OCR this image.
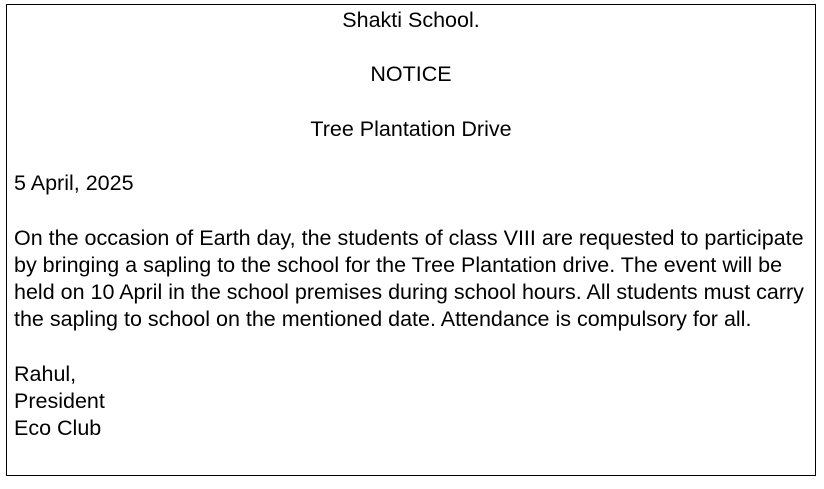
Shakti School.

NOTICE

Tree Plantation Drive

5 April, 2025

On the occasion of Earth day, the students of class VIII are requested to participate by bringing a sapling to the school for the Tree Plantation drive. The event will be held on 10 April in the school premises during school hours. All students must carry the sapling to school on the mentioned date. Attendance is compulsory for all.

Rahul,

President

Eco Club
